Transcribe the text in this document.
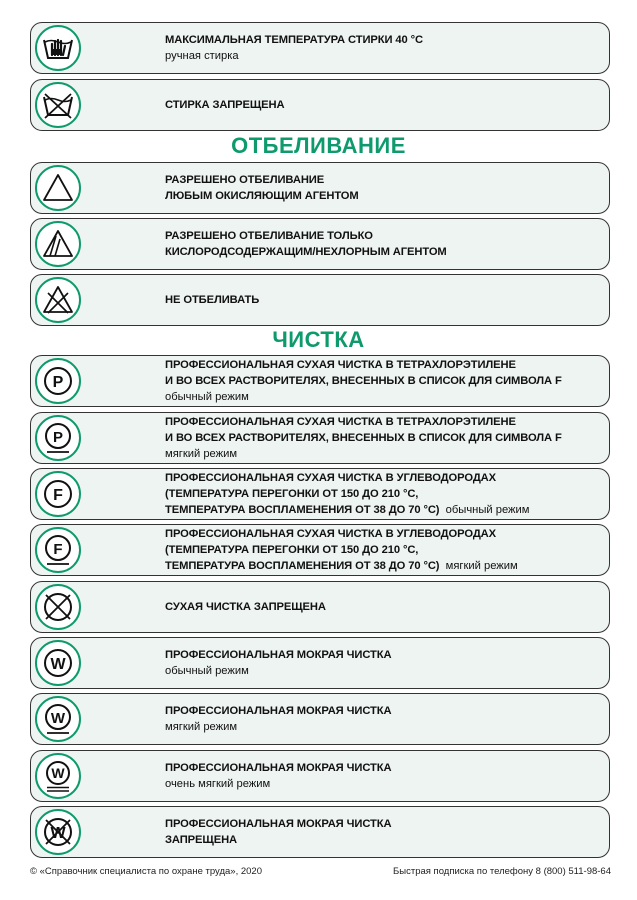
МАКСИМАЛЬНАЯ ТЕМПЕРАТУРА СТИРКИ 40 °С
ручная стирка
СТИРКА ЗАПРЕЩЕНА
ОТБЕЛИВАНИЕ
РАЗРЕШЕНО ОТБЕЛИВАНИЕ
ЛЮБЫМ ОКИСЛЯЮЩИМ АГЕНТОМ
РАЗРЕШЕНО ОТБЕЛИВАНИЕ ТОЛЬКО
КИСЛОРОДСОДЕРЖАЩИМ/НЕХЛОРНЫМ АГЕНТОМ
НЕ ОТБЕЛИВАТЬ
ЧИСТКА
P
ПРОФЕССИОНАЛЬНАЯ СУХАЯ ЧИСТКА В ТЕТРАХЛОРЭТИЛЕНЕ
И ВО ВСЕХ РАСТВОРИТЕЛЯХ, ВНЕСЕННЫХ В СПИСОК ДЛЯ СИМВОЛА F
обычный режим
P
ПРОФЕССИОНАЛЬНАЯ СУХАЯ ЧИСТКА В ТЕТРАХЛОРЭТИЛЕНЕ
И ВО ВСЕХ РАСТВОРИТЕЛЯХ, ВНЕСЕННЫХ В СПИСОК ДЛЯ СИМВОЛА F
мягкий режим
F
ПРОФЕССИОНАЛЬНАЯ СУХАЯ ЧИСТКА В УГЛЕВОДОРОДАХ
(ТЕМПЕРАТУРА ПЕРЕГОНКИ ОТ 150 ДО 210 °С,
ТЕМПЕРАТУРА ВОСПЛАМЕНЕНИЯ ОТ 38 ДО 70 °С) обычный режим
F
ПРОФЕССИОНАЛЬНАЯ СУХАЯ ЧИСТКА В УГЛЕВОДОРОДАХ
(ТЕМПЕРАТУРА ПЕРЕГОНКИ ОТ 150 ДО 210 °С,
ТЕМПЕРАТУРА ВОСПЛАМЕНЕНИЯ ОТ 38 ДО 70 °С) мягкий режим
СУХАЯ ЧИСТКА ЗАПРЕЩЕНА
W
ПРОФЕССИОНАЛЬНАЯ МОКРАЯ ЧИСТКА
обычный режим
W	ПРОФЕССИОНАЛЬНАЯ МОКРАЯ ЧИСТКА
мягкий режим
W	ПРОФЕССИОНАЛЬНАЯ МОКРАЯ ЧИСТКА
очень мягкий режим
W
ПРОФЕССИОНАЛЬНАЯ МОКРАЯ ЧИСТКА
ЗАПРЕЩЕНА
© «Справочник специалиста по охране труда», 2020	Быстрая подписка по телефону 8 (800) 511-98-64
